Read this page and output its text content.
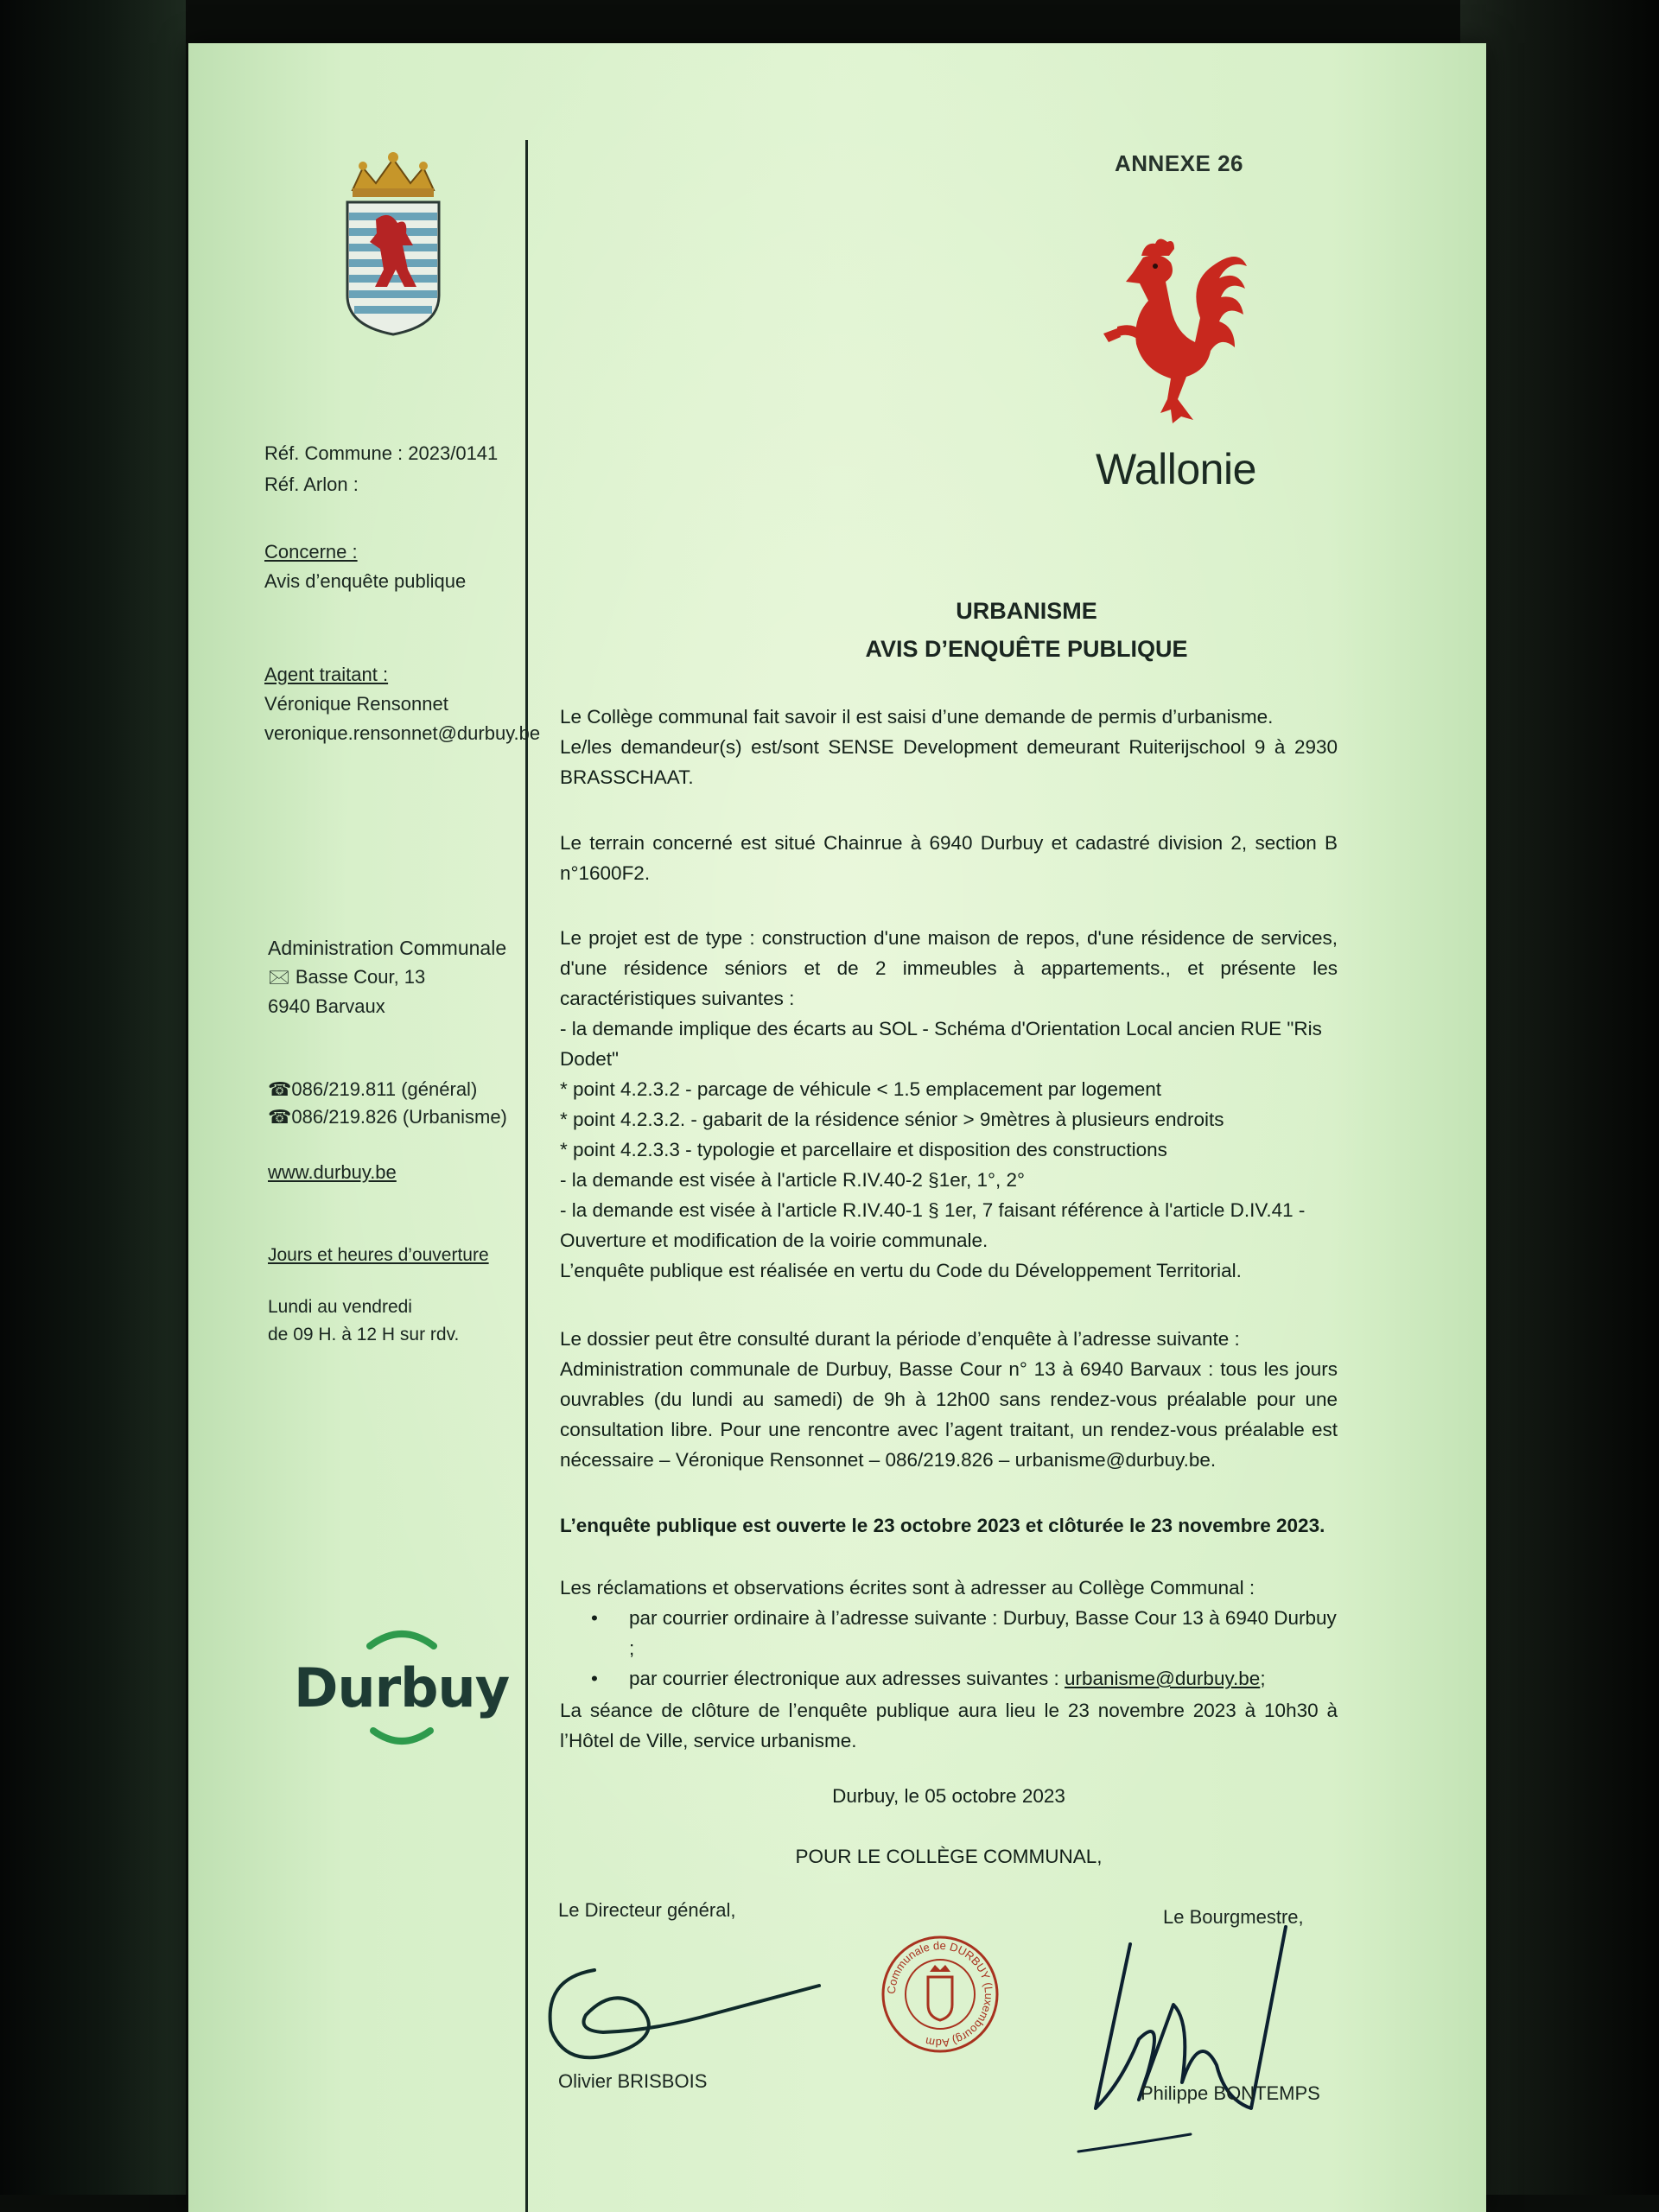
Réf. Commune : 2023/0141
Réf. Arlon :
Concerne :
Avis d’enquête publique
Agent traitant :
Véronique Rensonnet
veronique.rensonnet@durbuy.be
Administration Communale
🖂 Basse Cour, 13
6940 Barvaux
☎086/219.811 (général)
☎086/219.826 (Urbanisme)
www.durbuy.be
Jours et heures d’ouverture
Lundi au vendredi
de 09 H. à 12 H sur rdv.
Durbuy
ANNEXE 26
Wallonie
URBANISME
AVIS D’ENQUÊTE PUBLIQUE
Le Collège communal fait savoir il est saisi d’une demande de permis d’urbanisme.
Le/les demandeur(s) est/sont SENSE Development demeurant Ruiterijschool 9 à 2930 BRASSCHAAT.
Le terrain concerné est situé Chainrue à 6940 Durbuy et cadastré division 2, section B n°1600F2.
Le projet est de type : construction d'une maison de repos, d'une résidence de services, d'une résidence séniors et de 2 immeubles à appartements., et présente les caractéristiques suivantes :
- la demande implique des écarts au SOL - Schéma d'Orientation Local ancien RUE "Ris Dodet"
* point 4.2.3.2 - parcage de véhicule < 1.5 emplacement par logement
* point 4.2.3.2. - gabarit de la résidence sénior > 9mètres à plusieurs endroits
* point 4.2.3.3 - typologie et parcellaire et disposition des constructions
- la demande est visée à l'article R.IV.40-2 §1er, 1°, 2°
- la demande est visée à l'article R.IV.40-1 § 1er, 7 faisant référence à l'article D.IV.41 - Ouverture et modification de la voirie communale.
L’enquête publique est réalisée en vertu du Code du Développement Territorial.
Le dossier peut être consulté durant la période d’enquête à l’adresse suivante :
Administration communale de Durbuy, Basse Cour n° 13 à 6940 Barvaux : tous les jours ouvrables (du lundi au samedi) de 9h à 12h00 sans rendez-vous préalable pour une consultation libre. Pour une rencontre avec l’agent traitant, un rendez-vous préalable est nécessaire – Véronique Rensonnet – 086/219.826 – urbanisme@durbuy.be.
L’enquête publique est ouverte le 23 octobre 2023 et clôturée le 23 novembre 2023.
Les réclamations et observations écrites sont à adresser au Collège Communal :
• par courrier ordinaire à l’adresse suivante : Durbuy, Basse Cour 13 à 6940 Durbuy ;
• par courrier électronique aux adresses suivantes : urbanisme@durbuy.be;
La séance de clôture de l’enquête publique aura lieu le 23 novembre 2023 à 10h30 à l’Hôtel de Ville, service urbanisme.
Durbuy, le 05 octobre 2023
POUR LE COLLÈGE COMMUNAL,
Le Directeur général,
Communale de DURBUY (Luxembourg) Adm
Le Bourgmestre,
Olivier BRISBOIS
Philippe BONTEMPS
